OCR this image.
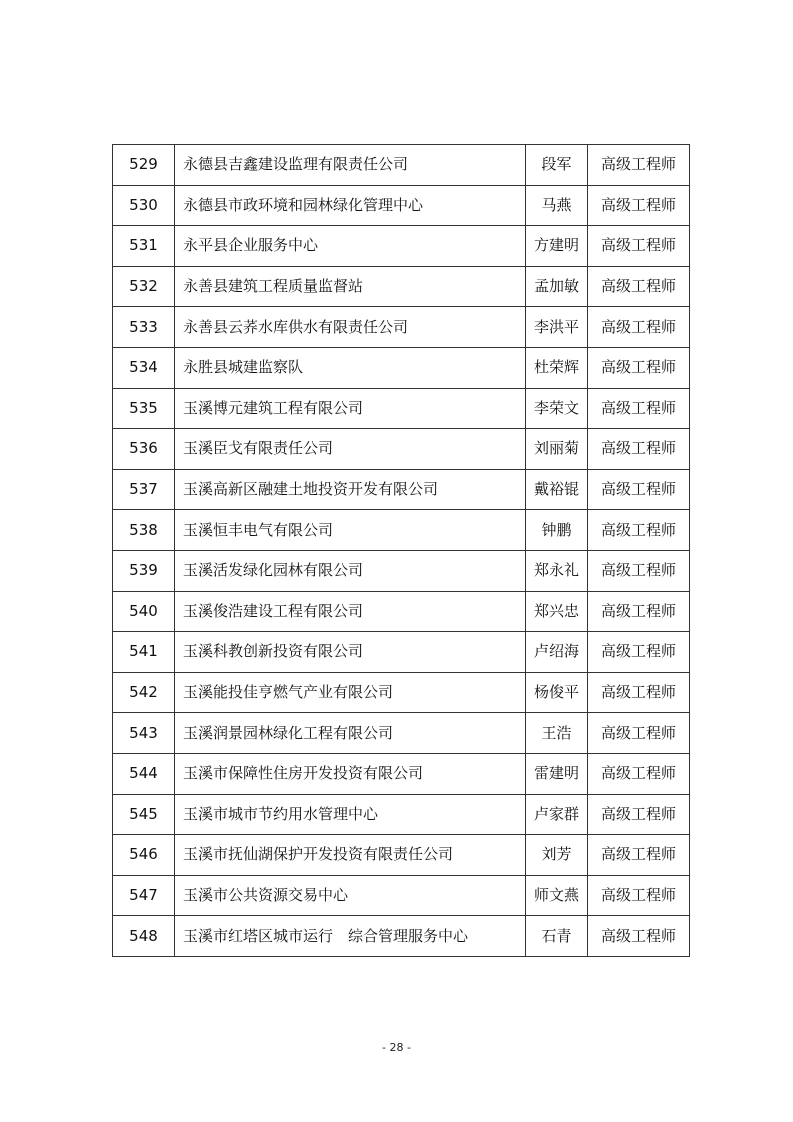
529	永德县吉鑫建设监理有限责任公司	段军	高级工程师
530	永德县市政环境和园林绿化管理中心	马燕	高级工程师
531	永平县企业服务中心	方建明	高级工程师
532	永善县建筑工程质量监督站	孟加敏	高级工程师
533	永善县云荞水库供水有限责任公司	李洪平	高级工程师
534	永胜县城建监察队	杜荣辉	高级工程师
535	玉溪博元建筑工程有限公司	李荣文	高级工程师
536	玉溪臣戈有限责任公司	刘丽菊	高级工程师
537	玉溪高新区融建土地投资开发有限公司	戴裕锟	高级工程师
538	玉溪恒丰电气有限公司	钟鹏	高级工程师
539	玉溪活发绿化园林有限公司	郑永礼	高级工程师
540	玉溪俊浩建设工程有限公司	郑兴忠	高级工程师
541	玉溪科教创新投资有限公司	卢绍海	高级工程师
542	玉溪能投佳亨燃气产业有限公司	杨俊平	高级工程师
543	玉溪润景园林绿化工程有限公司	王浩	高级工程师
544	玉溪市保障性住房开发投资有限公司	雷建明	高级工程师
545	玉溪市城市节约用水管理中心	卢家群	高级工程师
546	玉溪市抚仙湖保护开发投资有限责任公司	刘芳	高级工程师
547	玉溪市公共资源交易中心	师文燕	高级工程师
548	玉溪市红塔区城市运行　综合管理服务中心	石青	高级工程师
- 28 -
